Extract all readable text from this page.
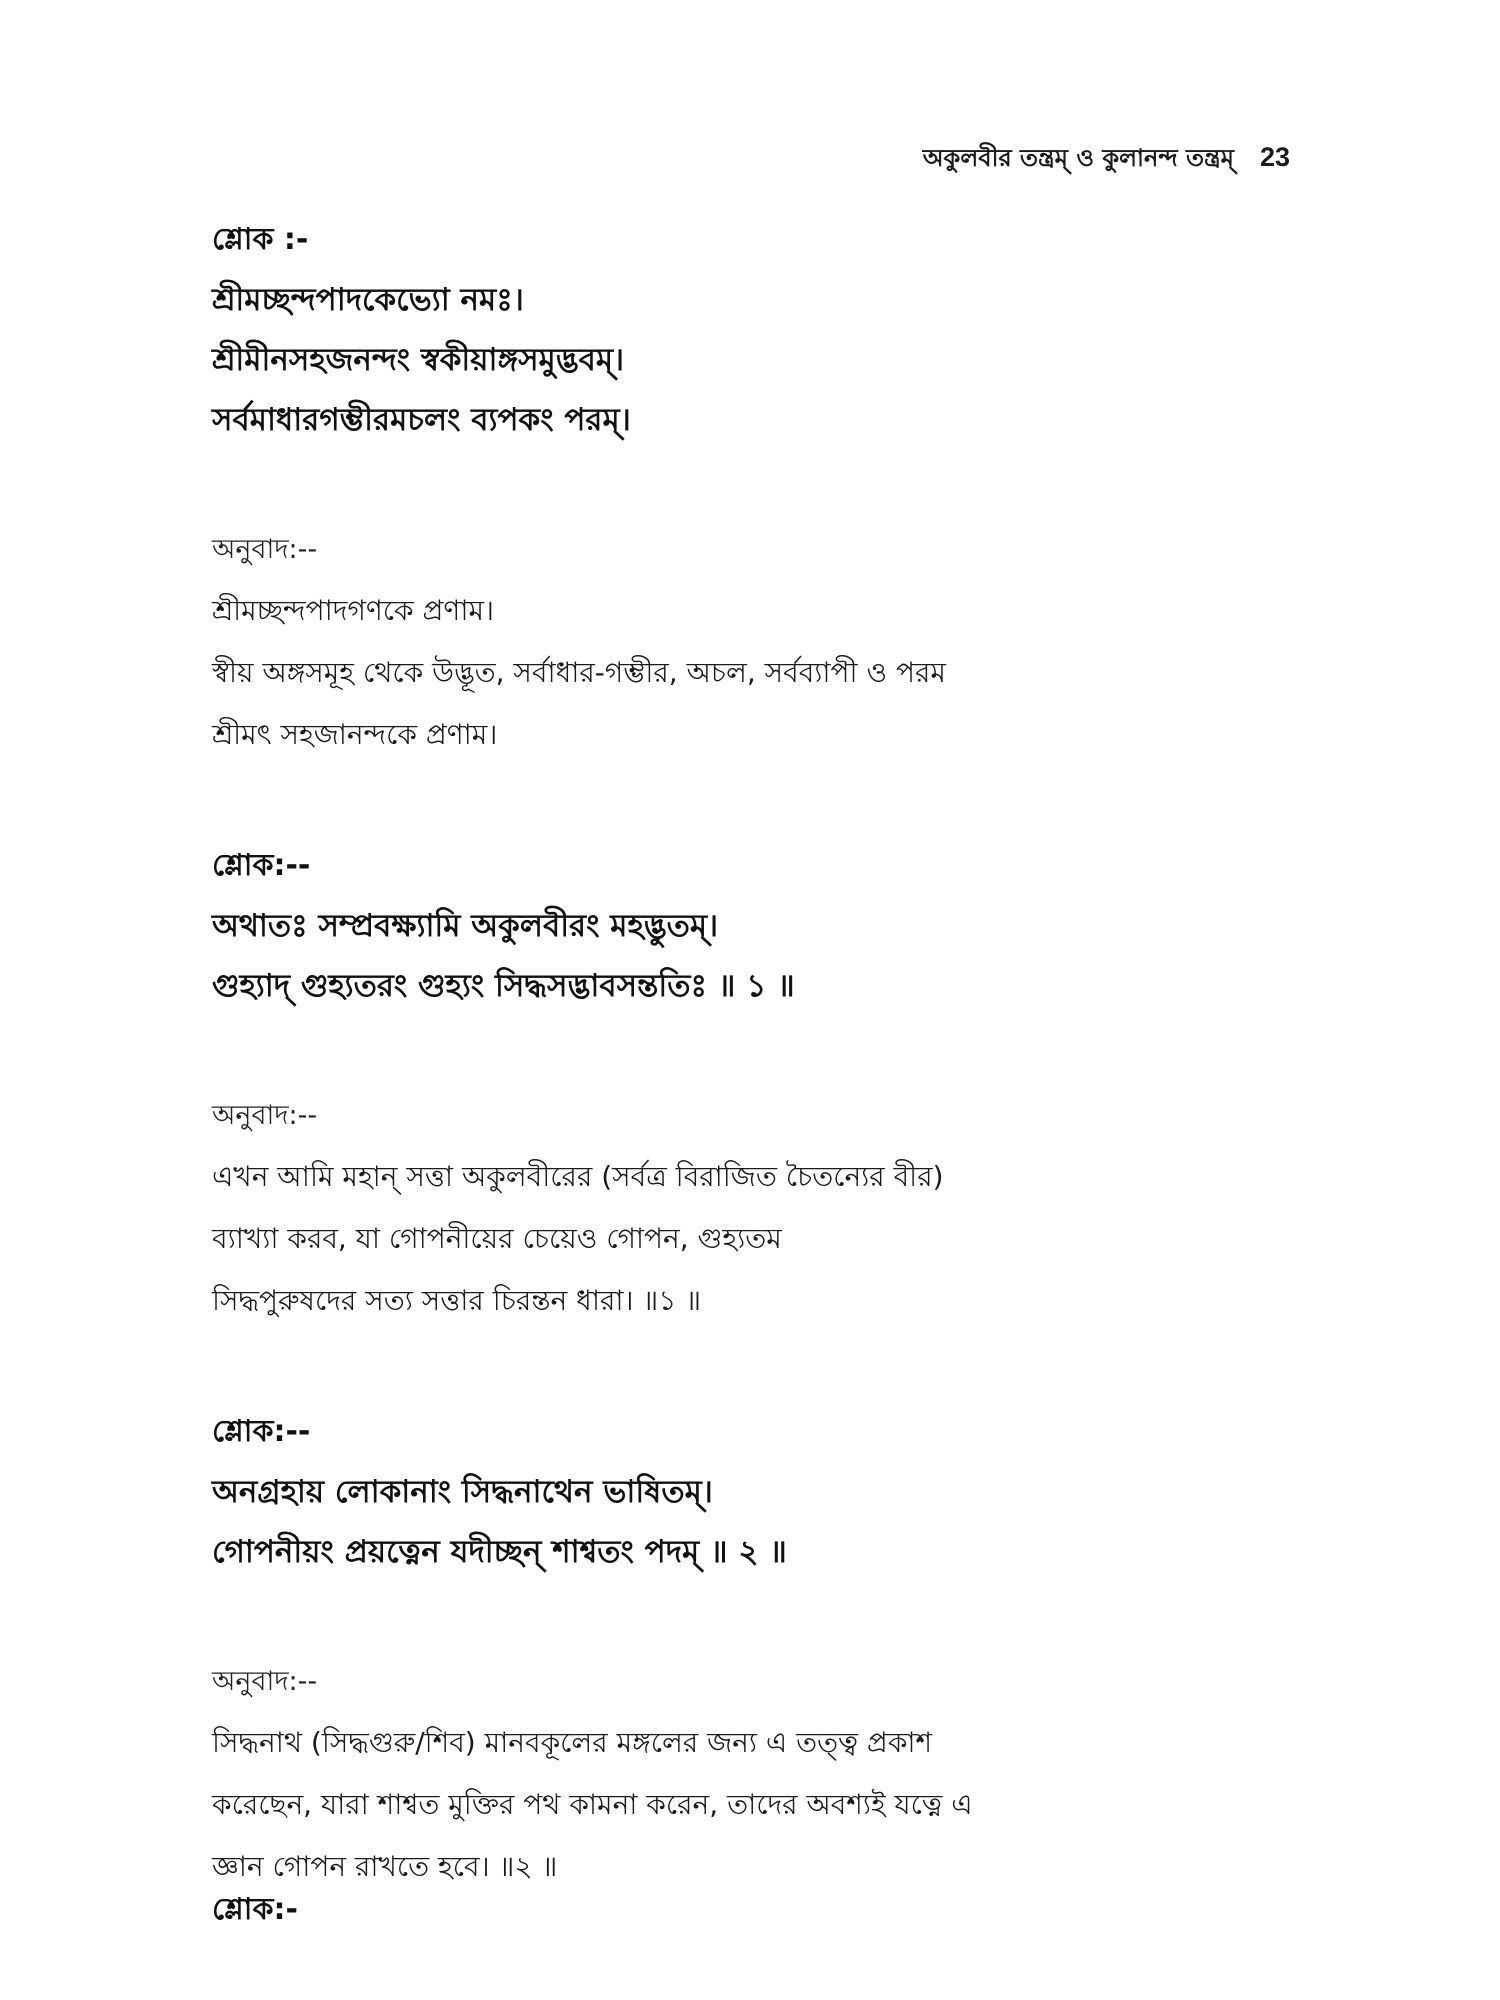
অকুলবীর তন্ত্রম্ ও কুলানন্দ তন্ত্রম্ 23

শ্লোক :-

শ্রীমচ্ছন্দপাদকেভ্যো নমঃ।

শ্রীমীনসহজনন্দং স্বকীয়াঙ্গসমুদ্ভবম্।

সর্বমাধারগম্ভীরমচলং ব্যপকং পরম্।

অনুবাদ:--

শ্রীমচ্ছন্দপাদগণকে প্রণাম।

স্বীয় অঙ্গসমূহ থেকে উদ্ভূত, সর্বাধার-গম্ভীর, অচল, সর্বব্যাপী ও পরম

শ্রীমৎ সহজানন্দকে প্রণাম।

শ্লোক:--

অথাতঃ সম্প্রবক্ষ্যামি অকুলবীরং মহদ্ভুতম্।

গুহ্যাদ্ গুহ্যতরং গুহ্যং সিদ্ধসদ্ভাবসন্ততিঃ ॥ ১ ॥

অনুবাদ:--

এখন আমি মহান্ সত্তা অকুলবীরের (সর্বত্র বিরাজিত চৈতন্যের বীর)

ব্যাখ্যা করব, যা গোপনীয়ের চেয়েও গোপন, গুহ্যতম

সিদ্ধপুরুষদের সত্য সত্তার চিরন্তন ধারা। ॥১ ॥

শ্লোক:--

অনগ্রহায় লোকানাং সিদ্ধনাথেন ভাষিতম্।

গোপনীয়ং প্রয়ত্নেন যদীচ্ছন্ শাশ্বতং পদম্ ॥ ২ ॥

অনুবাদ:--

সিদ্ধনাথ (সিদ্ধগুরু/শিব) মানবকূলের মঙ্গলের জন্য এ তত্ত্ব প্রকাশ

করেছেন, যারা শাশ্বত মুক্তির পথ কামনা করেন, তাদের অবশ্যই যত্নে এ

জ্ঞান গোপন রাখতে হবে। ॥২ ॥

শ্লোক:-
